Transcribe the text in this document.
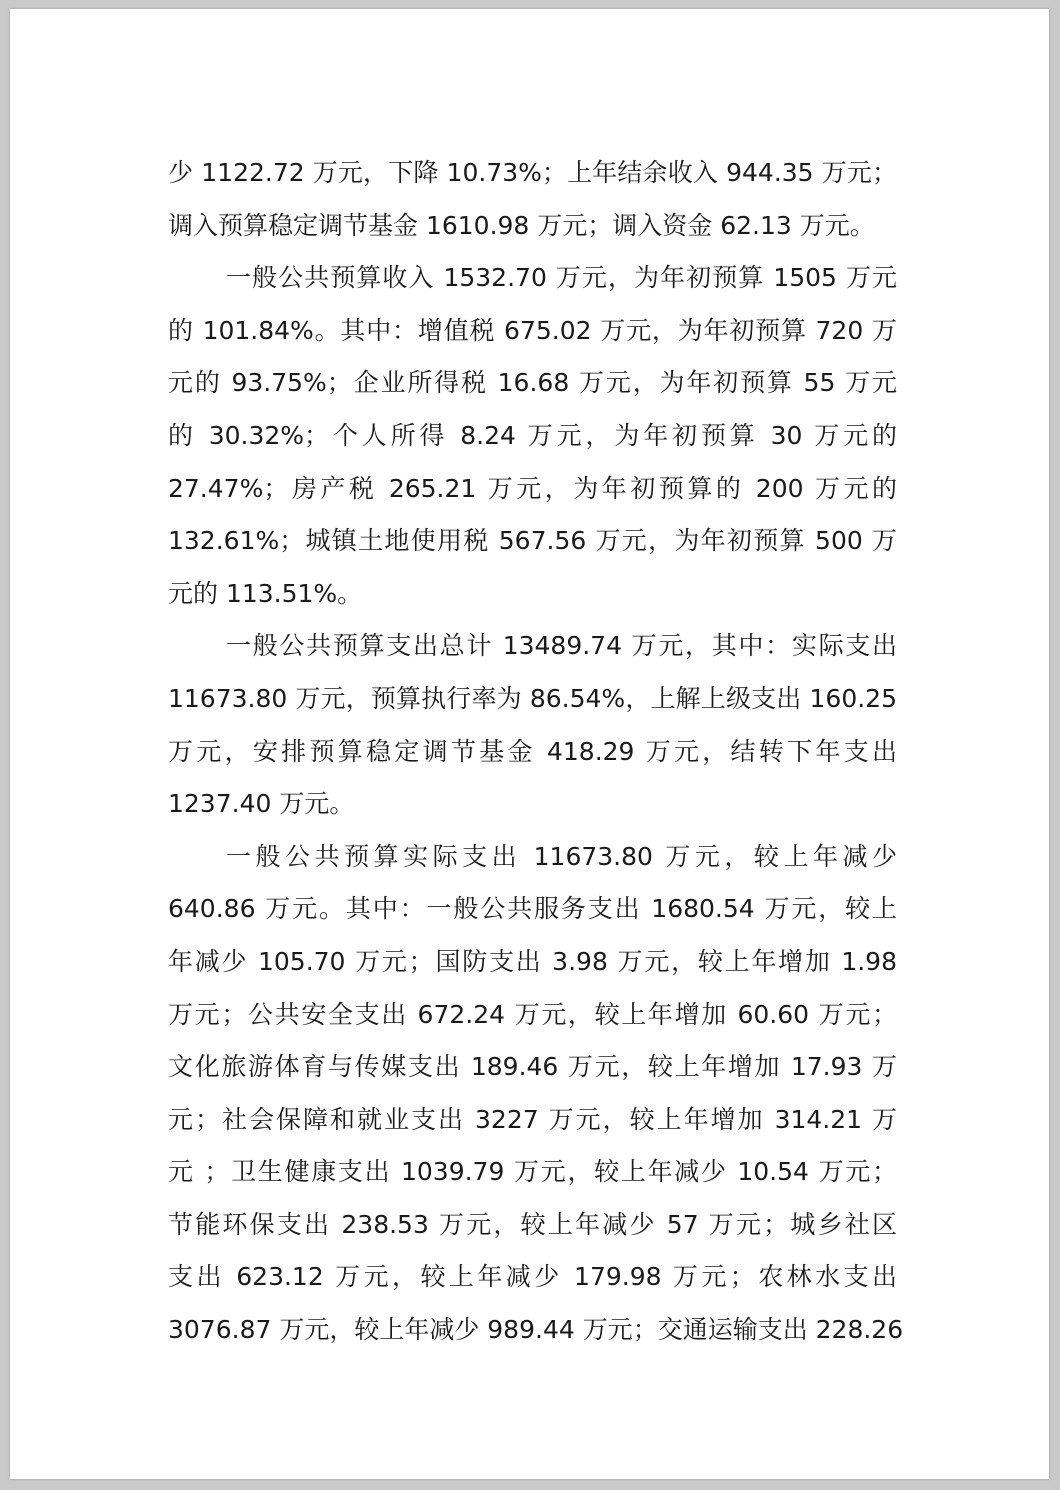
少 1122.72 万元，下降 10.73%；上年结余收入 944.35 万元；
调入预算稳定调节基金 1610.98 万元；调入资金 62.13 万元。
一般公共预算收入 1532.70 万元，为年初预算 1505 万元
的 101.84%。其中：增值税 675.02 万元，为年初预算 720 万
元的 93.75%；企业所得税 16.68 万元，为年初预算 55 万元
的 30.32%；个人所得 8.24 万元，为年初预算 30 万元的
27.47%；房产税 265.21 万元，为年初预算的 200 万元的
132.61%；城镇土地使用税 567.56 万元，为年初预算 500 万
元的 113.51%。
一般公共预算支出总计 13489.74 万元，其中：实际支出
11673.80 万元，预算执行率为 86.54%，上解上级支出 160.25
万元，安排预算稳定调节基金 418.29 万元，结转下年支出
1237.40 万元。
一般公共预算实际支出 11673.80 万元，较上年减少
640.86 万元。其中：一般公共服务支出 1680.54 万元，较上
年减少 105.70 万元；国防支出 3.98 万元，较上年增加 1.98
万元；公共安全支出 672.24 万元，较上年增加 60.60 万元；
文化旅游体育与传媒支出 189.46 万元，较上年增加 17.93 万
元；社会保障和就业支出 3227 万元，较上年增加 314.21 万
元 ；卫生健康支出 1039.79 万元，较上年减少 10.54 万元；
节能环保支出 238.53 万元，较上年减少 57 万元；城乡社区
支出 623.12 万元，较上年减少 179.98 万元；农林水支出
3076.87 万元，较上年减少 989.44 万元；交通运输支出 228.26
